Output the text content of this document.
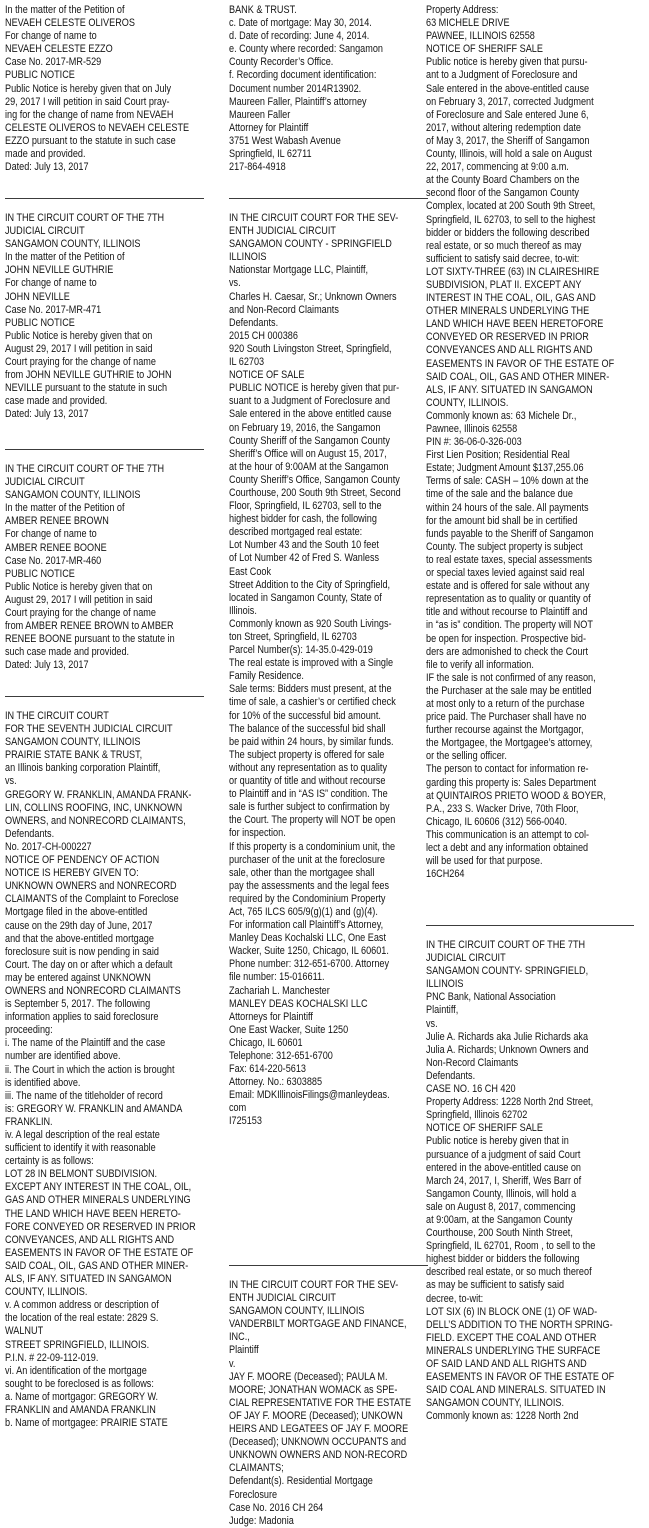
In the matter of the Petition of
NEVAEH CELESTE OLIVEROS
For change of name to
NEVAEH CELESTE EZZO
Case No. 2017-MR-529
PUBLIC NOTICE
Public Notice is hereby given that on July
29, 2017 I will petition in said Court pray-
ing for the change of name from NEVAEH
CELESTE OLIVEROS to NEVAEH CELESTE
EZZO pursuant to the statute in such case
made and provided.
Dated: July 13, 2017
IN THE CIRCUIT COURT OF THE 7TH
JUDICIAL CIRCUIT
SANGAMON COUNTY, ILLINOIS
In the matter of the Petition of
JOHN NEVILLE GUTHRIE
For change of name to
JOHN NEVILLE
Case No. 2017-MR-471
PUBLIC NOTICE
Public Notice is hereby given that on
August 29, 2017 I will petition in said
Court praying for the change of name
from JOHN NEVILLE GUTHRIE to JOHN
NEVILLE pursuant to the statute in such
case made and provided.
Dated: July 13, 2017
IN THE CIRCUIT COURT OF THE 7TH
JUDICIAL CIRCUIT
SANGAMON COUNTY, ILLINOIS
In the matter of the Petition of
AMBER RENEE BROWN
For change of name to
AMBER RENEE BOONE
Case No. 2017-MR-460
PUBLIC NOTICE
Public Notice is hereby given that on
August 29, 2017 I will petition in said
Court praying for the change of name
from AMBER RENEE BROWN to AMBER
RENEE BOONE pursuant to the statute in
such case made and provided.
Dated: July 13, 2017
IN THE CIRCUIT COURT
FOR THE SEVENTH JUDICIAL CIRCUIT
SANGAMON COUNTY, ILLINOIS
PRAIRIE STATE BANK & TRUST,
an Illinois banking corporation Plaintiff,
vs.
GREGORY W. FRANKLIN, AMANDA FRANK-
LIN, COLLINS ROOFING, INC, UNKNOWN
OWNERS, and NONRECORD CLAIMANTS,
Defendants.
No. 2017-CH-000227
NOTICE OF PENDENCY OF ACTION
NOTICE IS HEREBY GIVEN TO:
UNKNOWN OWNERS and NONRECORD
CLAIMANTS of the Complaint to Foreclose
Mortgage filed in the above-entitled
cause on the 29th day of June, 2017
and that the above-entitled mortgage
foreclosure suit is now pending in said
Court. The day on or after which a default
may be entered against UNKNOWN
OWNERS and NONRECORD CLAIMANTS
is September 5, 2017. The following
information applies to said foreclosure
proceeding:
i. The name of the Plaintiff and the case
number are identified above.
ii. The Court in which the action is brought
is identified above.
iii. The name of the titleholder of record
is: GREGORY W. FRANKLIN and AMANDA
FRANKLIN.
iv. A legal description of the real estate
sufficient to identify it with reasonable
certainty is as follows:
LOT 28 IN BELMONT SUBDIVISION.
EXCEPT ANY INTEREST IN THE COAL, OIL,
GAS AND OTHER MINERALS UNDERLYING
THE LAND WHICH HAVE BEEN HERETO-
FORE CONVEYED OR RESERVED IN PRIOR
CONVEYANCES, AND ALL RIGHTS AND
EASEMENTS IN FAVOR OF THE ESTATE OF
SAID COAL, OIL, GAS AND OTHER MINER-
ALS, IF ANY. SITUATED IN SANGAMON
COUNTY, ILLINOIS.
v. A common address or description of
the location of the real estate: 2829 S.
WALNUT
STREET SPRINGFIELD, ILLINOIS.
P.I.N. # 22-09-112-019.
vi. An identification of the mortgage
sought to be foreclosed is as follows:
a. Name of mortgagor: GREGORY W.
FRANKLIN and AMANDA FRANKLIN
b. Name of mortgagee: PRAIRIE STATE
BANK & TRUST.
c. Date of mortgage: May 30, 2014.
d. Date of recording: June 4, 2014.
e. County where recorded: Sangamon
County Recorder’s Office.
f. Recording document identification:
Document number 2014R13902.
Maureen Faller, Plaintiff’s attorney
Maureen Faller
Attorney for Plaintiff
3751 West Wabash Avenue
Springfield, IL 62711
217-864-4918
IN THE CIRCUIT COURT FOR THE SEV-
ENTH JUDICIAL CIRCUIT
SANGAMON COUNTY - SPRINGFIELD
ILLINOIS
Nationstar Mortgage LLC, Plaintiff,
vs.
Charles H. Caesar, Sr.; Unknown Owners
and Non-Record Claimants
Defendants.
2015 CH 000386
920 South Livingston Street, Springfield,
IL 62703
NOTICE OF SALE
PUBLIC NOTICE is hereby given that pur-
suant to a Judgment of Foreclosure and
Sale entered in the above entitled cause
on February 19, 2016, the Sangamon
County Sheriff of the Sangamon County
Sheriff’s Office will on August 15, 2017,
at the hour of 9:00AM at the Sangamon
County Sheriff’s Office, Sangamon County
Courthouse, 200 South 9th Street, Second
Floor, Springfield, IL 62703, sell to the
highest bidder for cash, the following
described mortgaged real estate:
Lot Number 43 and the South 10 feet
of Lot Number 42 of Fred S. Wanless
East Cook
Street Addition to the City of Springfield,
located in Sangamon County, State of
Illinois.
Commonly known as 920 South Livings-
ton Street, Springfield, IL 62703
Parcel Number(s): 14-35.0-429-019
The real estate is improved with a Single
Family Residence.
Sale terms: Bidders must present, at the
time of sale, a cashier’s or certified check
for 10% of the successful bid amount.
The balance of the successful bid shall
be paid within 24 hours, by similar funds.
The subject property is offered for sale
without any representation as to quality
or quantity of title and without recourse
to Plaintiff and in “AS IS” condition. The
sale is further subject to confirmation by
the Court. The property will NOT be open
for inspection.
If this property is a condominium unit, the
purchaser of the unit at the foreclosure
sale, other than the mortgagee shall
pay the assessments and the legal fees
required by the Condominium Property
Act, 765 ILCS 605/9(g)(1) and (g)(4).
For information call Plaintiff’s Attorney,
Manley Deas Kochalski LLC, One East
Wacker, Suite 1250, Chicago, IL 60601.
Phone number: 312-651-6700. Attorney
file number: 15-016611.
Zachariah L. Manchester
MANLEY DEAS KOCHALSKI LLC
Attorneys for Plaintiff
One East Wacker, Suite 1250
Chicago, IL 60601
Telephone: 312-651-6700
Fax: 614-220-5613
Attorney. No.: 6303885
Email: MDKIllinoisFilings@manleydeas.
com
I725153
IN THE CIRCUIT COURT FOR THE SEV-
ENTH JUDICIAL CIRCUIT
SANGAMON COUNTY, ILLINOIS
VANDERBILT MORTGAGE AND FINANCE,
INC.,
Plaintiff
v.
JAY F. MOORE (Deceased); PAULA M.
MOORE; JONATHAN WOMACK as SPE-
CIAL REPRESENTATIVE FOR THE ESTATE
OF JAY F. MOORE (Deceased); UNKOWN
HEIRS AND LEGATEES OF JAY F. MOORE
(Deceased); UNKNOWN OCCUPANTS and
UNKNOWN OWNERS AND NON-RECORD
CLAIMANTS;
Defendant(s). Residential Mortgage
Foreclosure
Case No. 2016 CH 264
Judge: Madonia
Property Address:
63 MICHELE DRIVE
PAWNEE, ILLINOIS 62558
NOTICE OF SHERIFF SALE
Public notice is hereby given that pursu-
ant to a Judgment of Foreclosure and
Sale entered in the above-entitled cause
on February 3, 2017, corrected Judgment
of Foreclosure and Sale entered June 6,
2017, without altering redemption date
of May 3, 2017, the Sheriff of Sangamon
County, Illinois, will hold a sale on August
22, 2017, commencing at 9:00 a.m.
at the County Board Chambers on the
second floor of the Sangamon County
Complex, located at 200 South 9th Street,
Springfield, IL 62703, to sell to the highest
bidder or bidders the following described
real estate, or so much thereof as may
sufficient to satisfy said decree, to-wit:
LOT SIXTY-THREE (63) IN CLAIRESHIRE
SUBDIVISION, PLAT II. EXCEPT ANY
INTEREST IN THE COAL, OIL, GAS AND
OTHER MINERALS UNDERLYING THE
LAND WHICH HAVE BEEN HERETOFORE
CONVEYED OR RESERVED IN PRIOR
CONVEYANCES AND ALL RIGHTS AND
EASEMENTS IN FAVOR OF THE ESTATE OF
SAID COAL, OIL, GAS AND OTHER MINER-
ALS, IF ANY. SITUATED IN SANGAMON
COUNTY, ILLINOIS.
Commonly known as: 63 Michele Dr.,
Pawnee, Illinois 62558
PIN #: 36-06-0-326-003
First Lien Position; Residential Real
Estate; Judgment Amount $137,255.06
Terms of sale: CASH – 10% down at the
time of the sale and the balance due
within 24 hours of the sale. All payments
for the amount bid shall be in certified
funds payable to the Sheriff of Sangamon
County. The subject property is subject
to real estate taxes, special assessments
or special taxes levied against said real
estate and is offered for sale without any
representation as to quality or quantity of
title and without recourse to Plaintiff and
in “as is” condition. The property will NOT
be open for inspection. Prospective bid-
ders are admonished to check the Court
file to verify all information.
IF the sale is not confirmed of any reason,
the Purchaser at the sale may be entitled
at most only to a return of the purchase
price paid. The Purchaser shall have no
further recourse against the Mortgagor,
the Mortgagee, the Mortgagee’s attorney,
or the selling officer.
The person to contact for information re-
garding this property is: Sales Department
at QUINTAIROS PRIETO WOOD & BOYER,
P.A., 233 S. Wacker Drive, 70th Floor,
Chicago, IL 60606 (312) 566-0040.
This communication is an attempt to col-
lect a debt and any information obtained
will be used for that purpose.
16CH264
IN THE CIRCUIT COURT OF THE 7TH
JUDICIAL CIRCUIT
SANGAMON COUNTY- SPRINGFIELD,
ILLINOIS
PNC Bank, National Association
Plaintiff,
vs.
Julie A. Richards aka Julie Richards aka
Julia A. Richards; Unknown Owners and
Non-Record Claimants
Defendants.
CASE NO. 16 CH 420
Property Address: 1228 North 2nd Street,
Springfield, Illinois 62702
NOTICE OF SHERIFF SALE
Public notice is hereby given that in
pursuance of a judgment of said Court
entered in the above-entitled cause on
March 24, 2017, I, Sheriff, Wes Barr of
Sangamon County, Illinois, will hold a
sale on August 8, 2017, commencing
at 9:00am, at the Sangamon County
Courthouse, 200 South Ninth Street,
Springfield, IL 62701, Room , to sell to the
highest bidder or bidders the following
described real estate, or so much thereof
as may be sufficient to satisfy said
decree, to-wit:
LOT SIX (6) IN BLOCK ONE (1) OF WAD-
DELL’S ADDITION TO THE NORTH SPRING-
FIELD. EXCEPT THE COAL AND OTHER
MINERALS UNDERLYING THE SURFACE
OF SAID LAND AND ALL RIGHTS AND
EASEMENTS IN FAVOR OF THE ESTATE OF
SAID COAL AND MINERALS. SITUATED IN
SANGAMON COUNTY, ILLINOIS.
Commonly known as: 1228 North 2nd
